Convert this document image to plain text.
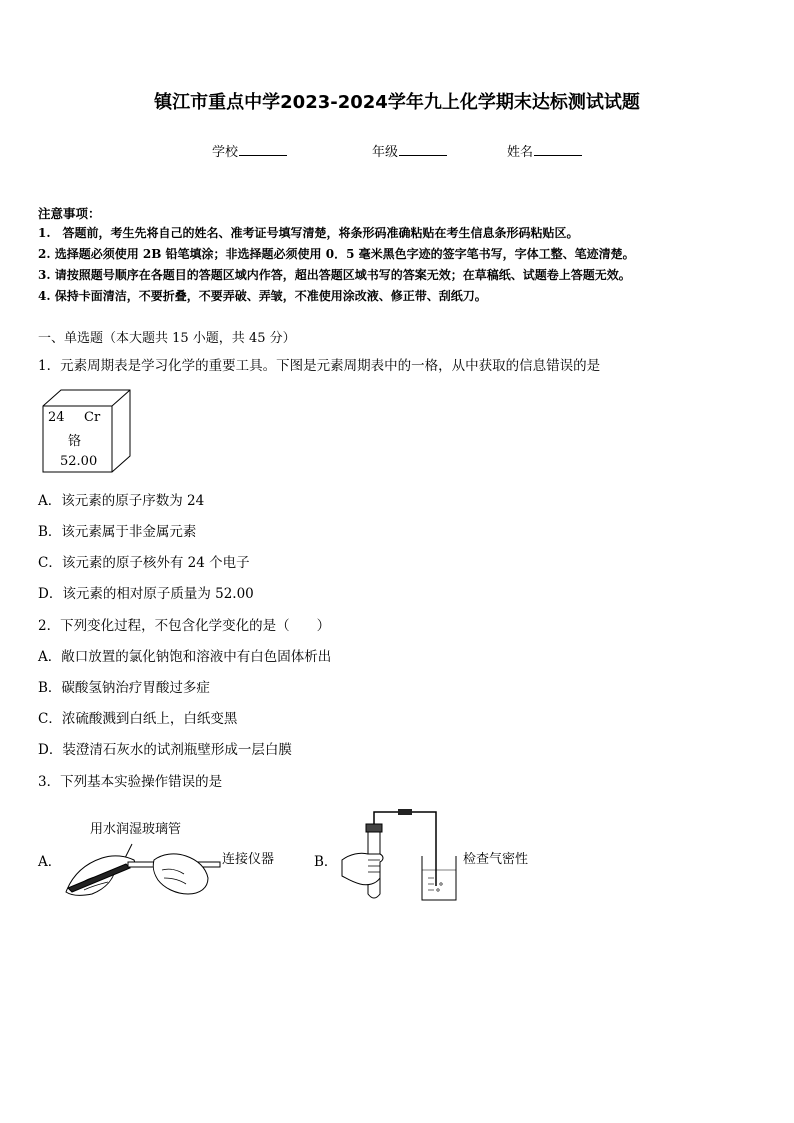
镇江市重点中学2023-2024学年九上化学期末达标测试试题
学校	年级	姓名
注意事项：
1.　答题前，考生先将自己的姓名、准考证号填写清楚，将条形码准确粘贴在考生信息条形码粘贴区。
2. 选择题必须使用 2B 铅笔填涂；非选择题必须使用 0．5 毫米黑色字迹的签字笔书写，字体工整、笔迹清楚。
3. 请按照题号顺序在各题目的答题区域内作答，超出答题区域书写的答案无效；在草稿纸、试题卷上答题无效。
4. 保持卡面清洁，不要折叠，不要弄破、弄皱，不准使用涂改液、修正带、刮纸刀。
一、单选题（本大题共 15 小题，共 45 分）
1．元素周期表是学习化学的重要工具。下图是元素周期表中的一格，从中获取的信息错误的是
24 Cr
铬
52.00
A．该元素的原子序数为 24
B．该元素属于非金属元素
C．该元素的原子核外有 24 个电子
D．该元素的相对原子质量为 52.00
2．下列变化过程，不包含化学变化的是（　　）
A．敞口放置的氯化钠饱和溶液中有白色固体析出
B．碳酸氢钠治疗胃酸过多症
C．浓硫酸溅到白纸上，白纸变黑
D．装澄清石灰水的试剂瓶壁形成一层白膜
3．下列基本实验操作错误的是
用水润湿玻璃管
A．	连接仪器	B．	检查气密性
